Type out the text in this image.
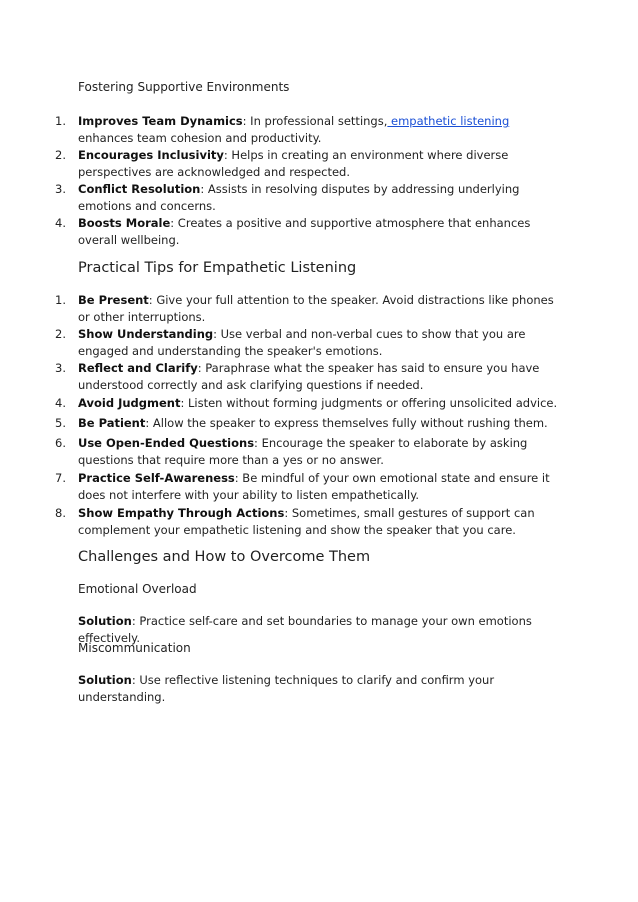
Fostering Supportive Environments
1.	Improves Team Dynamics: In professional settings, empathetic listening enhances team cohesion and productivity.
2.	Encourages Inclusivity: Helps in creating an environment where diverse perspectives are acknowledged and respected.
3.	Conflict Resolution: Assists in resolving disputes by addressing underlying emotions and concerns.
4.	Boosts Morale: Creates a positive and supportive atmosphere that enhances overall wellbeing.
Practical Tips for Empathetic Listening
1.	Be Present: Give your full attention to the speaker. Avoid distractions like phones or other interruptions.
2.	Show Understanding: Use verbal and non-verbal cues to show that you are engaged and understanding the speaker's emotions.
3.	Reflect and Clarify: Paraphrase what the speaker has said to ensure you have understood correctly and ask clarifying questions if needed.
4.	Avoid Judgment: Listen without forming judgments or offering unsolicited advice.
5.	Be Patient: Allow the speaker to express themselves fully without rushing them.
6.	Use Open-Ended Questions: Encourage the speaker to elaborate by asking questions that require more than a yes or no answer.
7.	Practice Self-Awareness: Be mindful of your own emotional state and ensure it does not interfere with your ability to listen empathetically.
8.	Show Empathy Through Actions: Sometimes, small gestures of support can complement your empathetic listening and show the speaker that you care.
Challenges and How to Overcome Them
Emotional Overload
Solution: Practice self-care and set boundaries to manage your own emotions effectively.
Miscommunication
Solution: Use reflective listening techniques to clarify and confirm your understanding.
